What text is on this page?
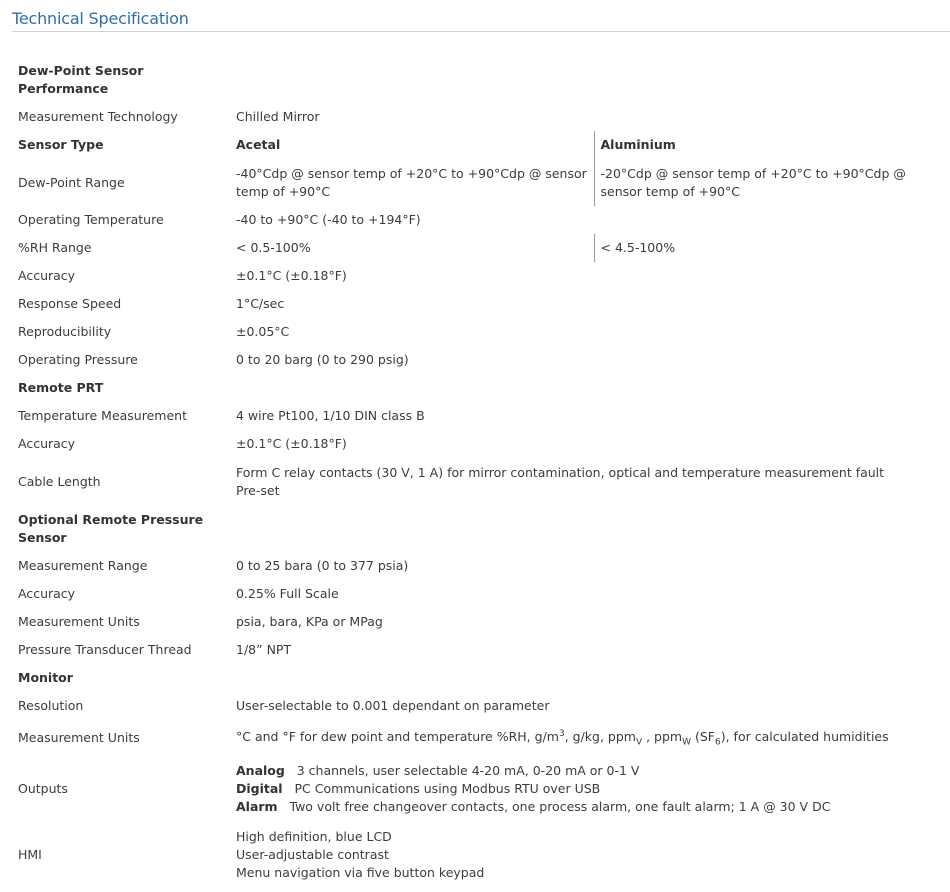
Technical Specification
Dew-Point Sensor Performance		
Measurement Technology	Chilled Mirror	
Sensor Type	Acetal	Aluminium
Dew-Point Range	-40°Cdp @ sensor temp of +20°C to +90°Cdp @ sensor temp of +90°C	-20°Cdp @ sensor temp of +20°C to +90°Cdp @ sensor temp of +90°C
Operating Temperature	-40 to +90°C (-40 to +194°F)	
%RH Range	< 0.5-100%	< 4.5-100%
Accuracy	±0.1°C (±0.18°F)	
Response Speed	1°C/sec	
Reproducibility	±0.05°C	
Operating Pressure	0 to 20 barg (0 to 290 psig)	
Remote PRT		
Temperature Measurement	4 wire Pt100, 1/10 DIN class B	
Accuracy	±0.1°C (±0.18°F)	
Cable Length	Form C relay contacts (30 V, 1 A) for mirror contamination, optical and temperature measurement fault
Pre-set	

Optional Remote Pressure Sensor		
Measurement Range	0 to 25 bara (0 to 377 psia)	
Accuracy	0.25% Full Scale	
Measurement Units	psia, bara, KPa or MPag	
Pressure Transducer Thread	1/8” NPT	
Monitor		
Resolution	User-selectable to 0.001 dependant on parameter	
Measurement Units	°C and °F for dew point and temperature %RH, $g/m^3$, g/kg, ppm$_V$ , ppm$_W$ $(SF_6)$, for calculated humidities	
Outputs	Analog 3 channels, user selectable 4-20 mA, 0-20 mA or 0-1 V
Digital PC Communications using Modbus RTU over USB
Alarm Two volt free changeover contacts, one process alarm, one fault alarm; 1 A @ 30 V DC	

HMI	High definition, blue LCD
User-adjustable contrast
Menu navigation via five button keypad	
